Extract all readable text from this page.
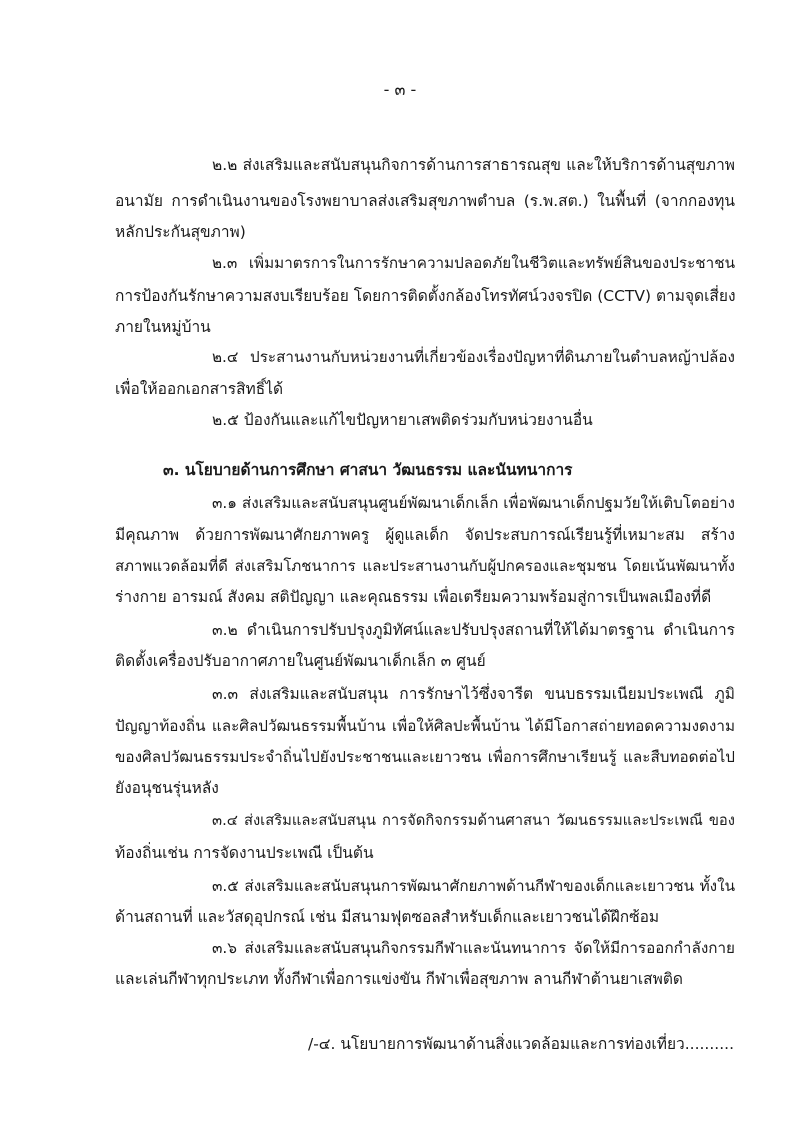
- ๓ -
๒.๒ ส่งเสริมและสนับสนุนกิจการด้านการสาธารณสุข และให้บริการด้านสุขภาพ
อนามัย การดำเนินงานของโรงพยาบาลส่งเสริมสุขภาพตำบล (ร.พ.สต.) ในพื้นที่ (จากกองทุน
หลักประกันสุขภาพ)
๒.๓ เพิ่มมาตรการในการรักษาความปลอดภัยในชีวิตและทรัพย์สินของประชาชน
การป้องกันรักษาความสงบเรียบร้อย โดยการติดตั้งกล้องโทรทัศน์วงจรปิด (CCTV) ตามจุดเสี่ยง
ภายในหมู่บ้าน
๒.๔ ประสานงานกับหน่วยงานที่เกี่ยวข้องเรื่องปัญหาที่ดินภายในตำบลหญ้าปล้อง
เพื่อให้ออกเอกสารสิทธิ์ได้
๒.๕ ป้องกันและแก้ไขปัญหายาเสพติดร่วมกับหน่วยงานอื่น
๓. นโยบายด้านการศึกษา ศาสนา วัฒนธรรม และนันทนาการ
๓.๑ ส่งเสริมและสนับสนุนศูนย์พัฒนาเด็กเล็ก เพื่อพัฒนาเด็กปฐมวัยให้เติบโตอย่าง
มีคุณภาพ ด้วยการพัฒนาศักยภาพครู ผู้ดูแลเด็ก จัดประสบการณ์เรียนรู้ที่เหมาะสม สร้าง
สภาพแวดล้อมที่ดี ส่งเสริมโภชนาการ และประสานงานกับผู้ปกครองและชุมชน โดยเน้นพัฒนาทั้ง
ร่างกาย อารมณ์ สังคม สติปัญญา และคุณธรรม เพื่อเตรียมความพร้อมสู่การเป็นพลเมืองที่ดี
๓.๒ ดำเนินการปรับปรุงภูมิทัศน์และปรับปรุงสถานที่ให้ได้มาตรฐาน ดำเนินการ
ติดตั้งเครื่องปรับอากาศภายในศูนย์พัฒนาเด็กเล็ก ๓ ศูนย์
๓.๓ ส่งเสริมและสนับสนุน การรักษาไว้ซึ่งจารีต ขนบธรรมเนียมประเพณี ภูมิ
ปัญญาท้องถิ่น และศิลปวัฒนธรรมพื้นบ้าน เพื่อให้ศิลปะพื้นบ้าน ได้มีโอกาสถ่ายทอดความงดงาม
ของศิลปวัฒนธรรมประจำถิ่นไปยังประชาชนและเยาวชน เพื่อการศึกษาเรียนรู้ และสืบทอดต่อไป
ยังอนุชนรุ่นหลัง
๓.๔ ส่งเสริมและสนับสนุน การจัดกิจกรรมด้านศาสนา วัฒนธรรมและประเพณี ของ
ท้องถิ่นเช่น การจัดงานประเพณี เป็นต้น
๓.๕ ส่งเสริมและสนับสนุนการพัฒนาศักยภาพด้านกีฬาของเด็กและเยาวชน ทั้งใน
ด้านสถานที่ และวัสดุอุปกรณ์ เช่น มีสนามฟุตซอลสำหรับเด็กและเยาวชนได้ฝึกซ้อม
๓.๖ ส่งเสริมและสนับสนุนกิจกรรมกีฬาและนันทนาการ จัดให้มีการออกกำลังกาย
และเล่นกีฬาทุกประเภท ทั้งกีฬาเพื่อการแข่งขัน กีฬาเพื่อสุขภาพ ลานกีฬาต้านยาเสพติด
/-๔. นโยบายการพัฒนาด้านสิ่งแวดล้อมและการท่องเที่ยว..........
